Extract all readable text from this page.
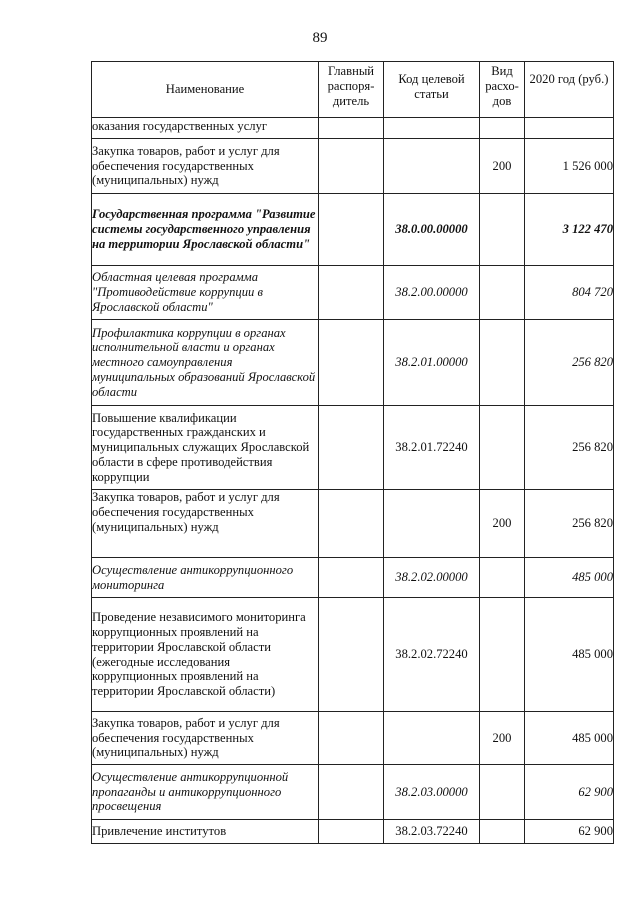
89
Наименование	Главный распоря-дитель	Код целевой статьи	Вид расхо-дов	2020 год (руб.)
оказания государственных услуг				
Закупка товаров, работ и услуг для обеспечения государственных (муниципальных) нужд			200	1 526 000
Государственная программа "Развитие системы государственного управления на территории Ярославской области"		38.0.00.00000		3 122 470
Областная целевая программа "Противодействие коррупции в Ярославской области"		38.2.00.00000		804 720
Профилактика коррупции в органах исполнительной власти и органах местного самоуправления муниципальных образований Ярославской области		38.2.01.00000		256 820
Повышение квалификации государственных гражданских и муниципальных служащих Ярославской области в сфере противодействия коррупции		38.2.01.72240		256 820
Закупка товаров, работ и услуг для обеспечения государственных (муниципальных) нужд			200	256 820
Осуществление антикоррупционного мониторинга		38.2.02.00000		485 000
Проведение независимого мониторинга коррупционных проявлений на территории Ярославской области (ежегодные исследования коррупционных проявлений на территории Ярославской области)		38.2.02.72240		485 000
Закупка товаров, работ и услуг для обеспечения государственных (муниципальных) нужд			200	485 000
Осуществление антикоррупционной пропаганды и антикоррупционного просвещения		38.2.03.00000		62 900
Привлечение институтов		38.2.03.72240		62 900
